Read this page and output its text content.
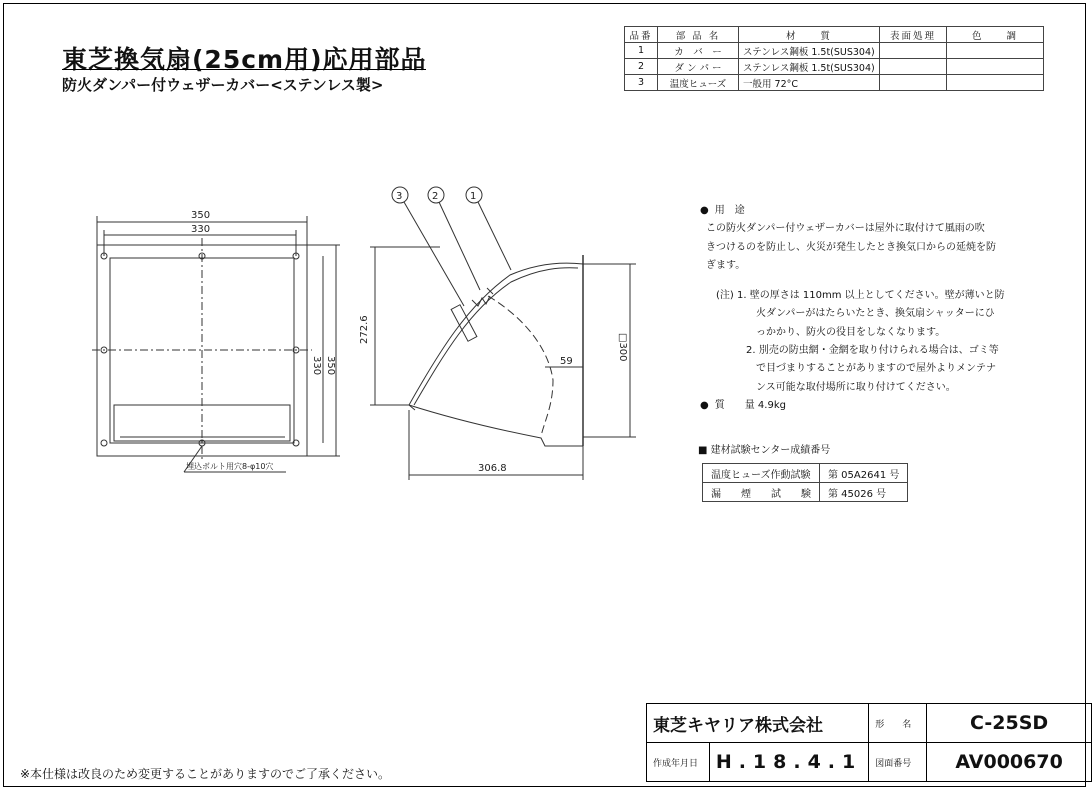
東芝換気扇(25cm用)応用部品
防火ダンパー付ウェザーカバー<ステンレス製>
品番	部 品 名	材　　質	表面処理	色　　調
1	カ　バ　ー	ステンレス鋼板 1.5t(SUS304)		
2	ダ ン パ ー	ステンレス鋼板 1.5t(SUS304)		
3	温度ヒューズ	一般用 72°C		
350
330
330 350
埋込ボルト用穴8-φ10穴
3	2	1
272.6
59	□300
306.8
● 用　途
この防火ダンパー付ウェザーカバーは屋外に取付けて風雨の吹
きつけるのを防止し、火災が発生したとき換気口からの延焼を防
ぎます。
(注) 1. 壁の厚さは 110mm 以上としてください。壁が薄いと防
　　　　火ダンパーがはたらいたとき、換気扇シャッターにひ
　　　　っかかり、防火の役目をしなくなります。
　　　2. 別売の防虫網・金網を取り付けられる場合は、ゴミ等
　　　　で目づまりすることがありますので屋外よりメンテナ
　　　　ンス可能な取付場所に取り付けてください。
● 質　　量 4.9kg
■ 建材試験センター成績番号
温度ヒューズ作動試験	第 05A2641 号
漏　　煙　　試　　験	第 45026 号
※本仕様は改良のため変更することがありますのでご了承ください。
東芝キヤリア株式会社		形　　名	C-25SD
作成年月日	H.18.4.1	図面番号	AV000670
